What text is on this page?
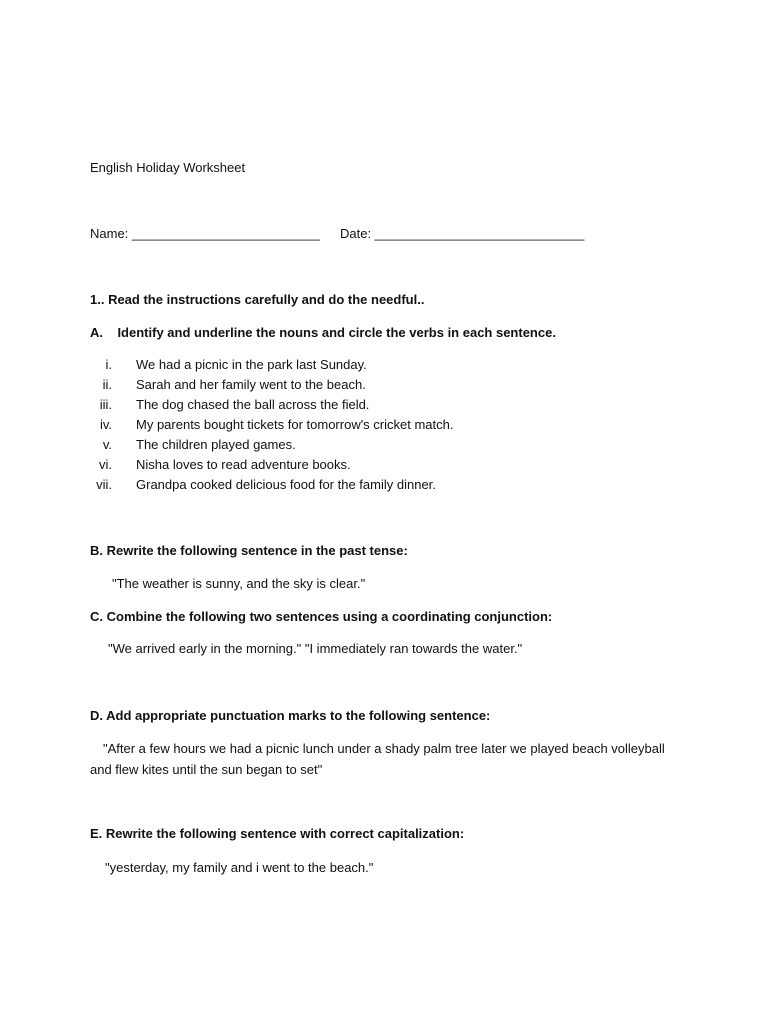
English Holiday Worksheet
Name: __________________________ Date: _____________________________
1.. Read the instructions carefully and do the needful..
A.    Identify and underline the nouns and circle the verbs in each sentence.
i. We had a picnic in the park last Sunday.
ii. Sarah and her family went to the beach.
iii. The dog chased the ball across the field.
iv. My parents bought tickets for tomorrow's cricket match.
v. The children played games.
vi. Nisha loves to read adventure books.
vii. Grandpa cooked delicious food for the family dinner.
B. Rewrite the following sentence in the past tense:
"The weather is sunny, and the sky is clear."
C. Combine the following two sentences using a coordinating conjunction:
"We arrived early in the morning." "I immediately ran towards the water."
D. Add appropriate punctuation marks to the following sentence:
"After a few hours we had a picnic lunch under a shady palm tree later we played beach volleyball and flew kites until the sun began to set"
E. Rewrite the following sentence with correct capitalization:
"yesterday, my family and i went to the beach."
